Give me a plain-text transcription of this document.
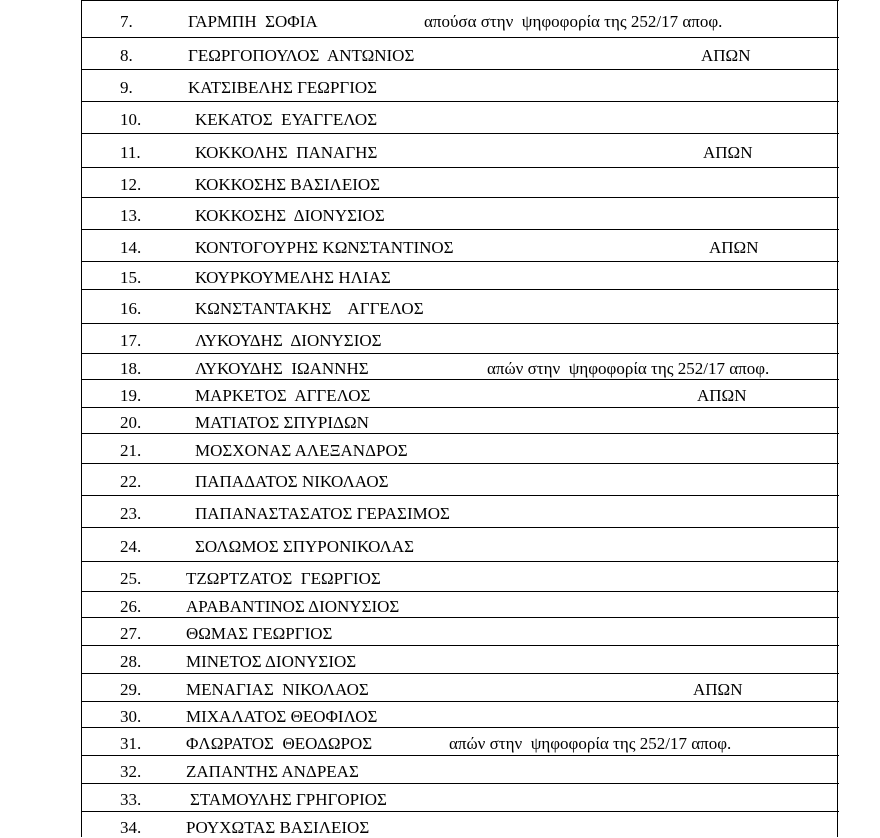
7.	ΓΑΡΜΠΗ  ΣΟΦΙΑ	απούσα στην  ψηφοφορία της 252/17 αποφ.
8.	ΓΕΩΡΓΟΠΟΥΛΟΣ  ΑΝΤΩΝΙΟΣ	ΑΠΩΝ
9.	ΚΑΤΣΙΒΕΛΗΣ ΓΕΩΡΓΙΟΣ
10.	ΚΕΚΑΤΟΣ  ΕΥΑΓΓΕΛΟΣ
11.	ΚΟΚΚΟΛΗΣ  ΠΑΝΑΓΗΣ	ΑΠΩΝ
12.	ΚΟΚΚΟΣΗΣ ΒΑΣΙΛΕΙΟΣ
13.	ΚΟΚΚΟΣΗΣ  ΔΙΟΝΥΣΙΟΣ
14.	ΚΟΝΤΟΓΟΥΡΗΣ ΚΩΝΣΤΑΝΤΙΝΟΣ	ΑΠΩΝ
15.	ΚΟΥΡΚΟΥΜΕΛΗΣ ΗΛΙΑΣ
16.	ΚΩΝΣΤΑΝΤΑΚΗΣ    ΑΓΓΕΛΟΣ
17.	ΛΥΚΟΥΔΗΣ  ΔΙΟΝΥΣΙΟΣ
18.	ΛΥΚΟΥΔΗΣ  ΙΩΑΝΝΗΣ	απών στην  ψηφοφορία της 252/17 αποφ.
19.	ΜΑΡΚΕΤΟΣ  ΑΓΓΕΛΟΣ	ΑΠΩΝ
20.	ΜΑΤΙΑΤΟΣ ΣΠΥΡΙΔΩΝ
21.	ΜΟΣΧΟΝΑΣ ΑΛΕΞΑΝΔΡΟΣ
22.	ΠΑΠΑΔΑΤΟΣ ΝΙΚΟΛΑΟΣ
23.	ΠΑΠΑΝΑΣΤΑΣΑΤΟΣ ΓΕΡΑΣΙΜΟΣ
24.	ΣΟΛΩΜΟΣ ΣΠΥΡΟΝΙΚΟΛΑΣ
25.	ΤΖΩΡΤΖΑΤΟΣ  ΓΕΩΡΓΙΟΣ
26.	ΑΡΑΒΑΝΤΙΝΟΣ ΔΙΟΝΥΣΙΟΣ
27.	ΘΩΜΑΣ ΓΕΩΡΓΙΟΣ
28.	ΜΙΝΕΤΟΣ ΔΙΟΝΥΣΙΟΣ
29.	ΜΕΝΑΓΙΑΣ  ΝΙΚΟΛΑΟΣ	ΑΠΩΝ
30.	ΜΙΧΑΛΑΤΟΣ ΘΕΟΦΙΛΟΣ
31.	ΦΛΩΡΑΤΟΣ  ΘΕΟΔΩΡΟΣ	απών στην  ψηφοφορία της 252/17 αποφ.
32.	ΖΑΠΑΝΤΗΣ ΑΝΔΡΕΑΣ
33.	ΣΤΑΜΟΥΛΗΣ ΓΡΗΓΟΡΙΟΣ
34.	ΡΟΥΧΩΤΑΣ ΒΑΣΙΛΕΙΟΣ
